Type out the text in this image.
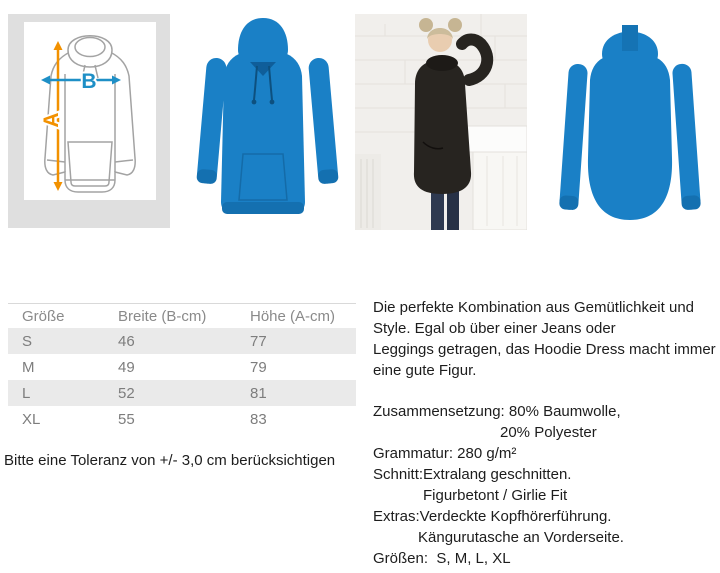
A
B
Größe	Breite (B-cm)	Höhe (A-cm)
S	46	77
M	49	79
L	52	81
XL	55	83
Bitte eine Toleranz von +/- 3,0 cm berücksichtigen
Die perfekte Kombination aus Gemütlichkeit und
Style. Egal ob über einer Jeans oder
Leggings getragen, das Hoodie Dress macht immer
eine gute Figur.
Zusammensetzung: 80% Baumwolle,
20% Polyester
Grammatur: 280 g/m²
Schnitt:Extralang geschnitten.
Figurbetont / Girlie Fit
Extras:Verdeckte Kopfhörerführung.
Kängurutasche an Vorderseite.
Größen:  S, M, L, XL
